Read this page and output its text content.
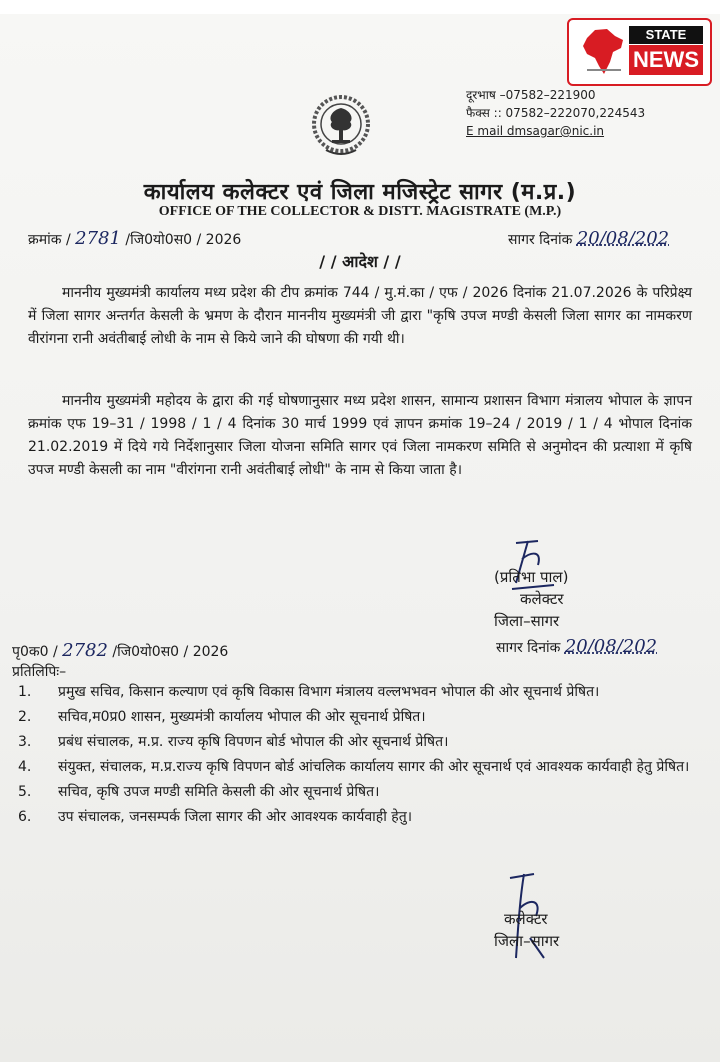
STATE
NEWS
दूरभाष –07582–221900
फैक्स :: 07582–222070,224543
E mail dmsagar@nic.in
कार्यालय कलेक्टर एवं जिला मजिस्ट्रेट सागर (म.प्र.)
OFFICE OF THE COLLECTOR & DISTT. MAGISTRATE (M.P.)
क्रमांक / 2781 /जि0यो0स0 / 2026	सागर दिनांक 20/08/202
/ / आदेश / /
माननीय मुख्यमंत्री कार्यालय मध्य प्रदेश की टीप क्रमांक 744 / मु.मं.का / एफ / 2026 दिनांक 21.07.2026 के परिप्रेक्ष्य में जिला सागर अन्तर्गत केसली के भ्रमण के दौरान माननीय मुख्यमंत्री जी द्वारा "कृषि उपज मण्डी केसली जिला सागर का नामकरण वीरांगना रानी अवंतीबाई लोधी के नाम से किये जाने की घोषणा की गयी थी।
माननीय मुख्यमंत्री महोदय के द्वारा की गई घोषणानुसार मध्य प्रदेश शासन, सामान्य प्रशासन विभाग मंत्रालय भोपाल के ज्ञापन क्रमांक एफ 19–31 / 1998 / 1 / 4 दिनांक 30 मार्च 1999 एवं ज्ञापन क्रमांक 19–24 / 2019 / 1 / 4 भोपाल दिनांक 21.02.2019 में दिये गये निर्देशानुसार जिला योजना समिति सागर एवं जिला नामकरण समिति से अनुमोदन की प्रत्याशा में कृषि उपज मण्डी केसली का नाम "वीरांगना रानी अवंतीबाई लोधी" के नाम से किया जाता है।
(प्रतिभा पाल)
कलेक्टर
जिला–सागर
पृ0क0 / 2782 /जि0यो0स0 / 2026	सागर दिनांक 20/08/202
प्रतिलिपिः–
1. प्रमुख सचिव, किसान कल्याण एवं कृषि विकास विभाग मंत्रालय वल्लभभवन भोपाल की ओर सूचनार्थ प्रेषित।
2. सचिव,म0प्र0 शासन, मुख्यमंत्री कार्यालय भोपाल की ओर सूचनार्थ प्रेषित।
3. प्रबंध संचालक, म.प्र. राज्य कृषि विपणन बोर्ड भोपाल की ओर सूचनार्थ प्रेषित।
4. संयुक्त, संचालक, म.प्र.राज्य कृषि विपणन बोर्ड आंचलिक कार्यालय सागर की ओर सूचनार्थ एवं आवश्यक कार्यवाही हेतु प्रेषित।
5. सचिव, कृषि उपज मण्डी समिति केसली की ओर सूचनार्थ प्रेषित।
6. उप संचालक, जनसम्पर्क जिला सागर की ओर आवश्यक कार्यवाही हेतु।
कलेक्टर
जिला–सागर
